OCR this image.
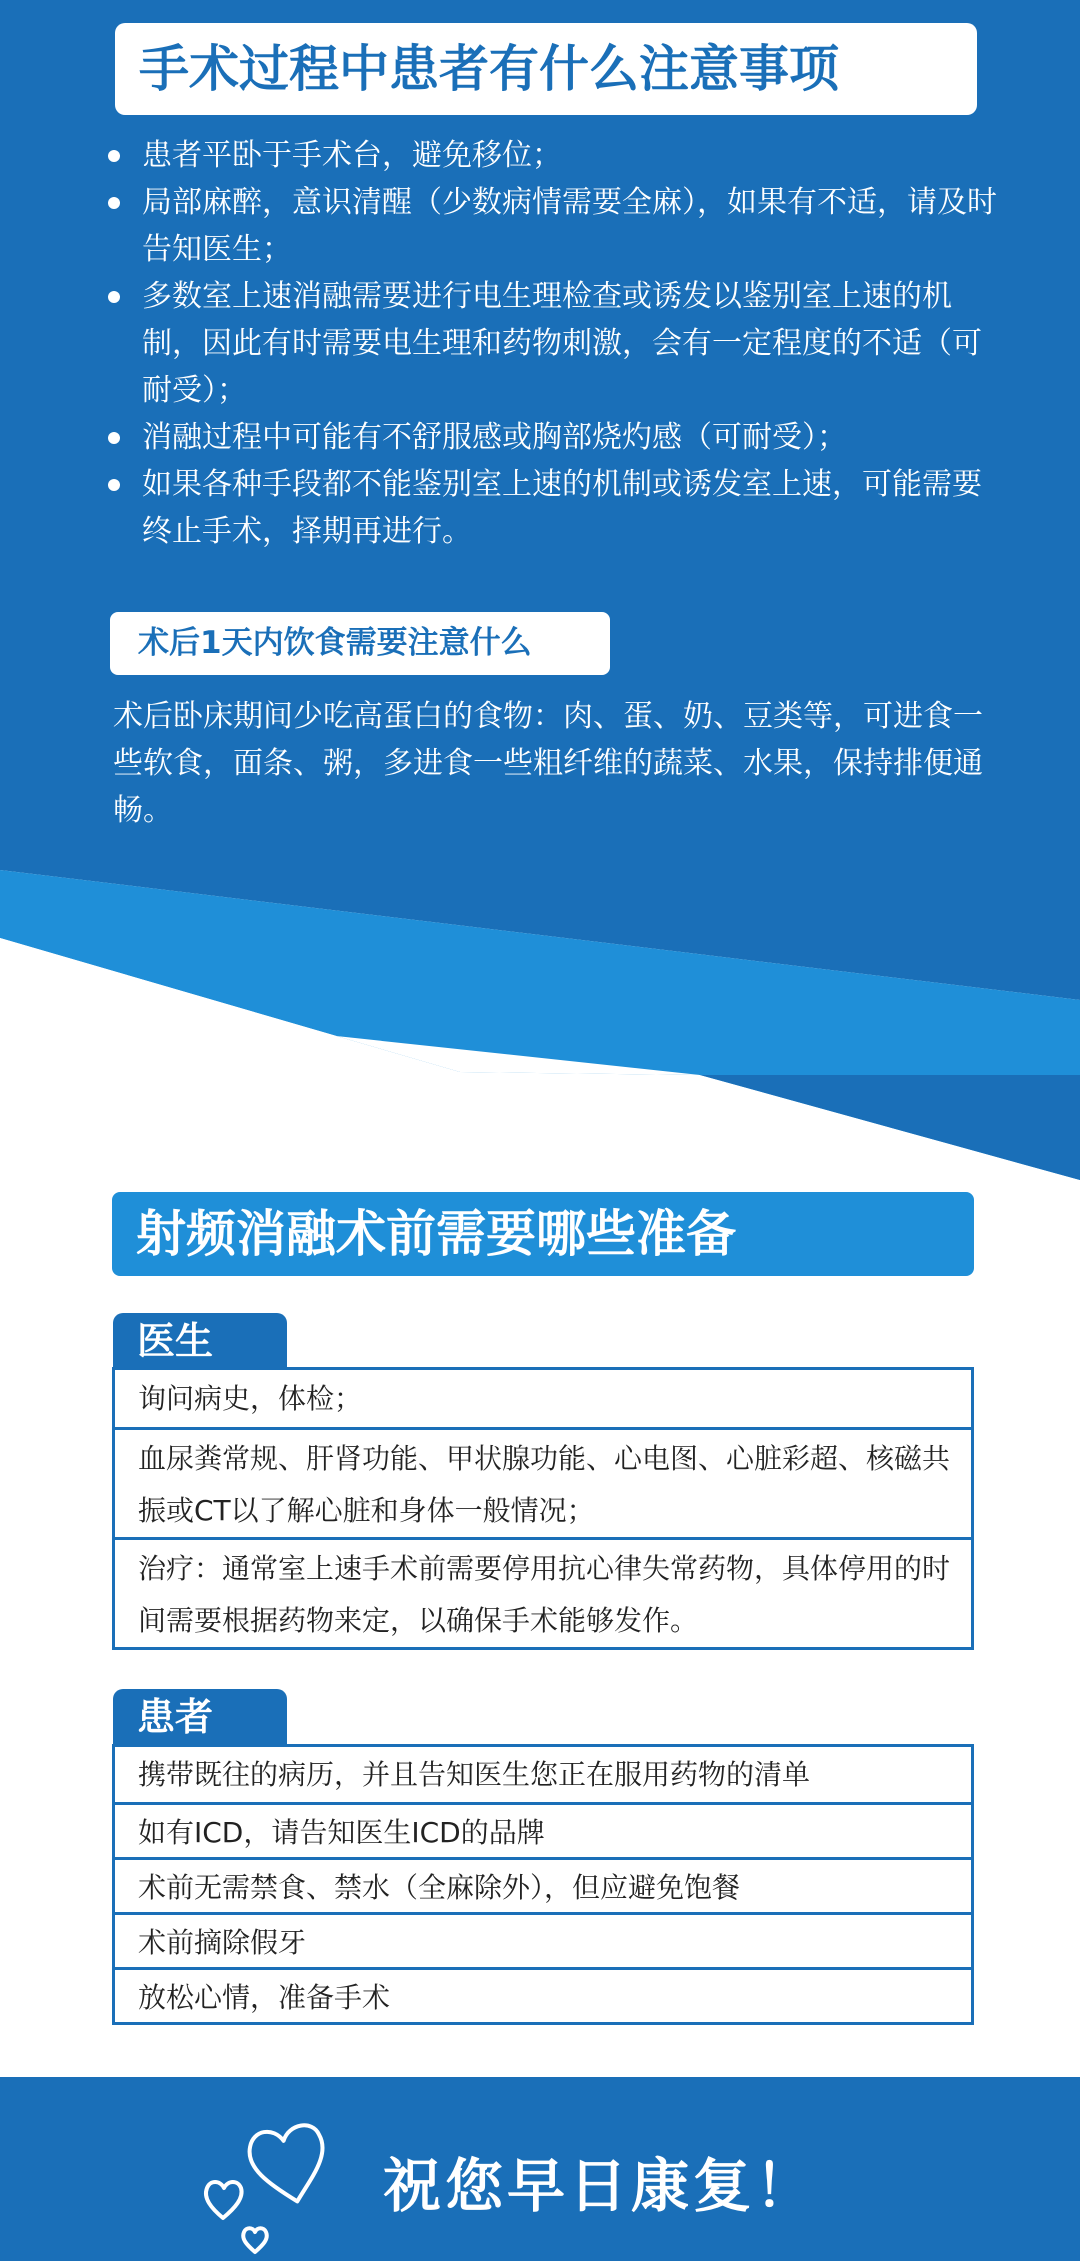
手术过程中患者有什么注意事项
患者平卧于手术台，避免移位；
局部麻醉，意识清醒（少数病情需要全麻），如果有不适，请及时告知医生；
多数室上速消融需要进行电生理检查或诱发以鉴别室上速的机制，因此有时需要电生理和药物刺激，会有一定程度的不适（可耐受）；
消融过程中可能有不舒服感或胸部烧灼感（可耐受）；
如果各种手段都不能鉴别室上速的机制或诱发室上速，可能需要终止手术，择期再进行。
术后1天内饮食需要注意什么

术后卧床期间少吃高蛋白的食物：肉、蛋、奶、豆类等，可进食一些软食，面条、粥，多进食一些粗纤维的蔬菜、水果，保持排便通畅。

射频消融术前需要哪些准备
医生
询问病史，体检；
血尿粪常规、肝肾功能、甲状腺功能、心电图、心脏彩超、核磁共振或CT以了解心脏和身体一般情况；
治疗：通常室上速手术前需要停用抗心律失常药物，具体停用的时间需要根据药物来定，以确保手术能够发作。
患者
携带既往的病历，并且告知医生您正在服用药物的清单
如有ICD，请告知医生ICD的品牌
术前无需禁食、禁水（全麻除外），但应避免饱餐
术前摘除假牙
放松心情，准备手术
祝您早日康复！
